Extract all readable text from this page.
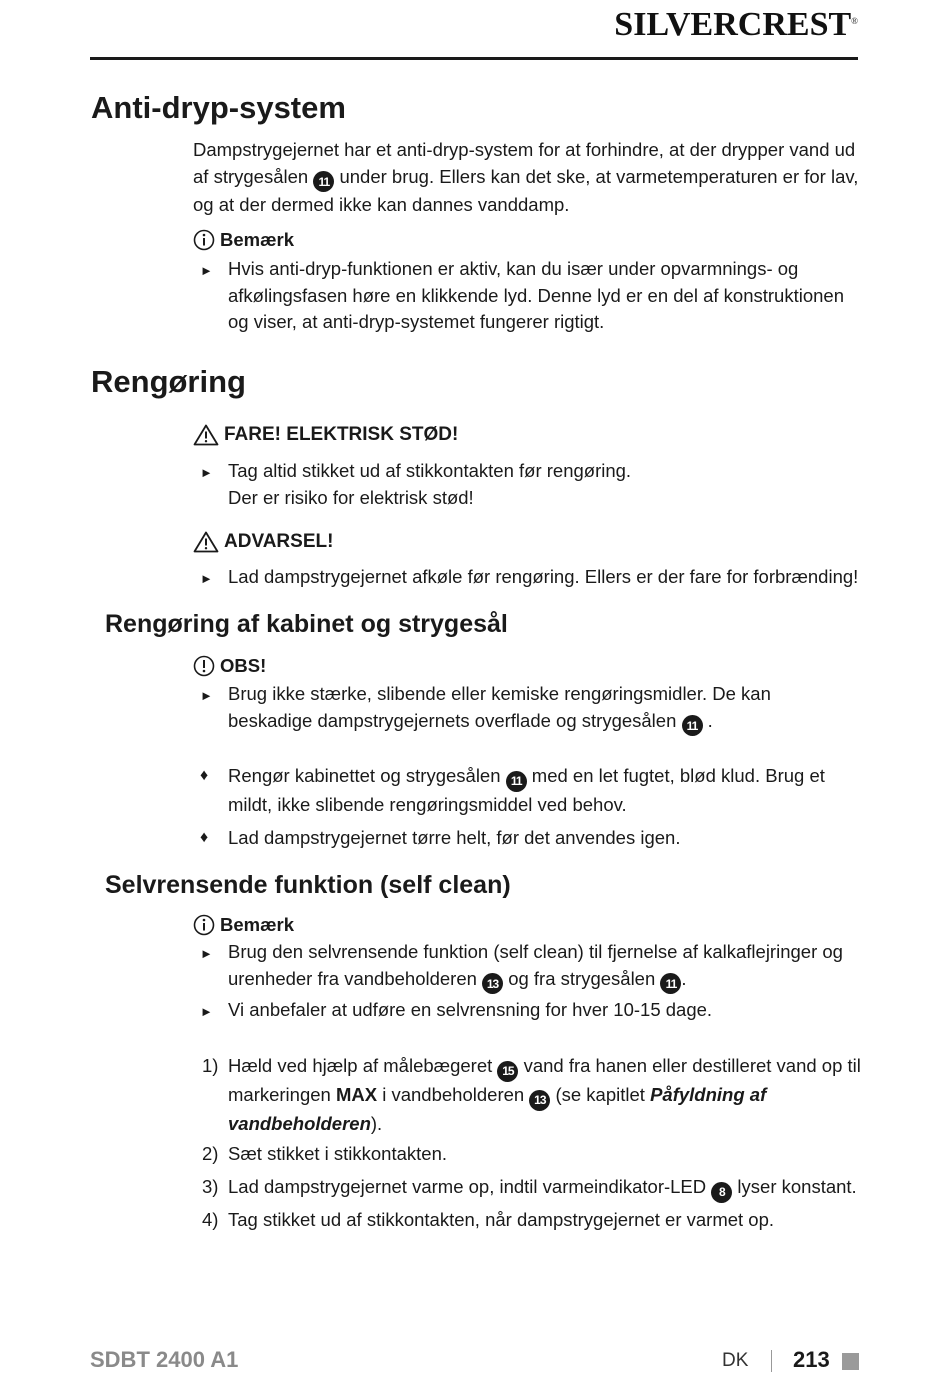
SILVERCREST®
Anti-dryp-system
Dampstrygejernet har et anti-dryp-system for at forhindre, at der drypper vand ud af strygesålen 11 under brug. Ellers kan det ske, at varmetemperaturen er for lav, og at der dermed ikke kan dannes vanddamp.
Bemærk
► Hvis anti-dryp-funktionen er aktiv, kan du især under opvarmnings- og afkølingsfasen høre en klikkende lyd. Denne lyd er en del af konstruktionen og viser, at anti-dryp-systemet fungerer rigtigt.
Rengøring
FARE! ELEKTRISK STØD!
► Tag altid stikket ud af stikkontakten før rengøring.
Der er risiko for elektrisk stød!
ADVARSEL!
► Lad dampstrygejernet afkøle før rengøring. Ellers er der fare for forbrænding!
Rengøring af kabinet og strygesål
OBS!
► Brug ikke stærke, slibende eller kemiske rengøringsmidler. De kan beskadige dampstrygejernets overflade og strygesålen 11 .
♦	Rengør kabinettet og strygesålen 11 med en let fugtet, blød klud. Brug et mildt, ikke slibende rengøringsmiddel ved behov.
♦	Lad dampstrygejernet tørre helt, før det anvendes igen.
Selvrensende funktion (self clean)
Bemærk
► Brug den selvrensende funktion (self clean) til fjernelse af kalkaflejringer og urenheder fra vandbeholderen 13 og fra strygesålen 11 .
► Vi anbefaler at udføre en selvrensning for hver 10-15 dage.
1) Hæld ved hjælp af målebægeret 15 vand fra hanen eller destilleret vand op til markeringen MAX i vandbeholderen 13 (se kapitlet Påfyldning af vandbeholderen).
2) Sæt stikket i stikkontakten.
3) Lad dampstrygejernet varme op, indtil varmeindikator-LED 8 lyser konstant.
4) Tag stikket ud af stikkontakten, når dampstrygejernet er varmet op.
SDBT 2400 A1	DK 213
